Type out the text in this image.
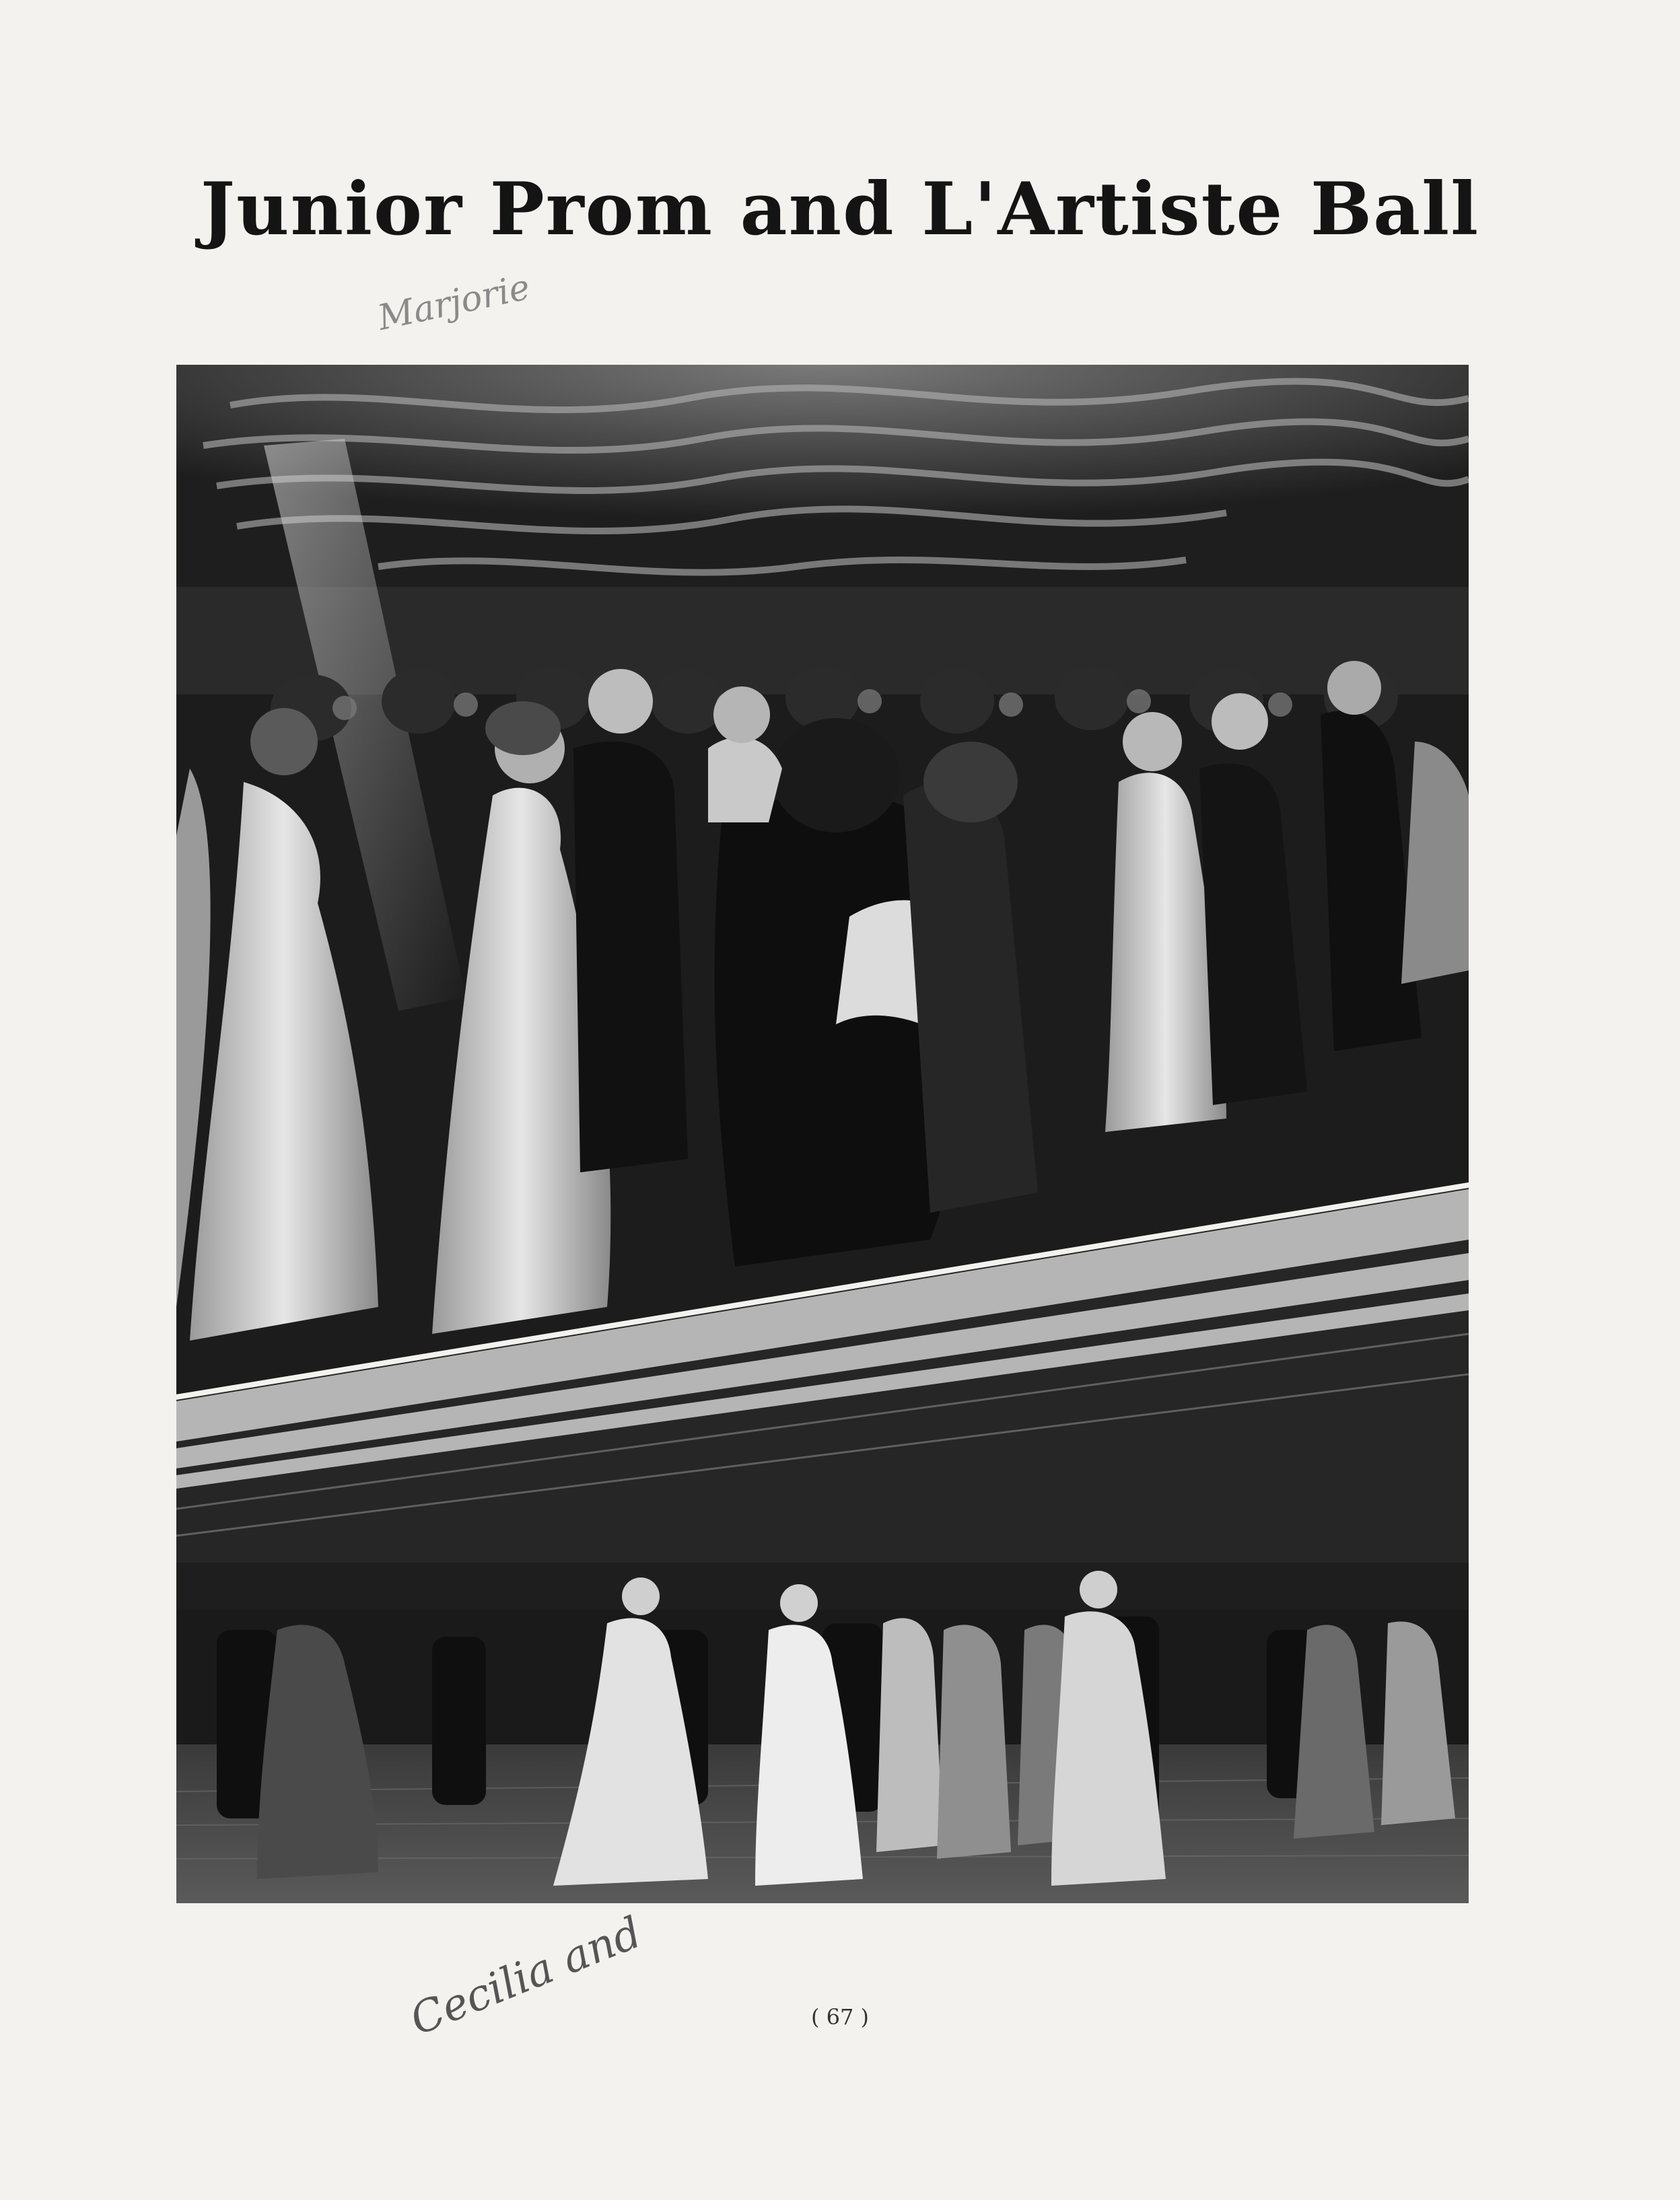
Junior Prom and L'Artiste Ball
Marjorie
Cecilia and	( 67 )
